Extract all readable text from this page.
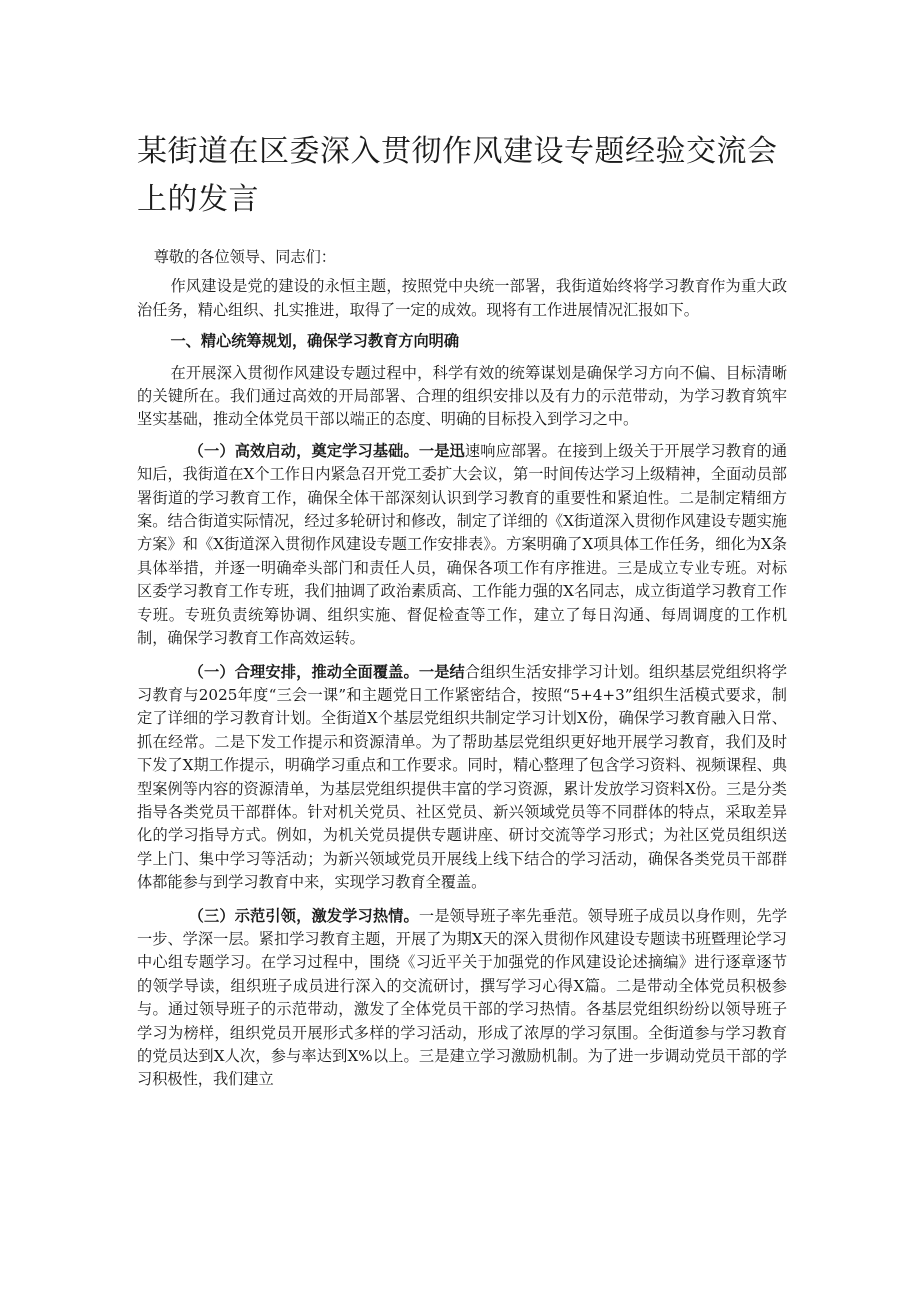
某街道在区委深入贯彻作风建设专题经验交流会上的发言

尊敬的各位领导、同志们：

作风建设是党的建设的永恒主题，按照党中央统一部署，我街道始终将学习教育作为重大政治任务，精心组织、扎实推进，取得了一定的成效。现将有工作进展情况汇报如下。

一、精心统筹规划，确保学习教育方向明确

在开展深入贯彻作风建设专题过程中，科学有效的统筹谋划是确保学习方向不偏、目标清晰的关键所在。我们通过高效的开局部署、合理的组织安排以及有力的示范带动，为学习教育筑牢坚实基础，推动全体党员干部以端正的态度、明确的目标投入到学习之中。

（一）高效启动，奠定学习基础。一是迅速响应部署。在接到上级关于开展学习教育的通知后，我街道在X个工作日内紧急召开党工委扩大会议，第一时间传达学习上级精神，全面动员部署街道的学习教育工作，确保全体干部深刻认识到学习教育的重要性和紧迫性。二是制定精细方案。结合街道实际情况，经过多轮研讨和修改，制定了详细的《X街道深入贯彻作风建设专题实施方案》和《X街道深入贯彻作风建设专题工作安排表》。方案明确了X项具体工作任务，细化为X条具体举措，并逐一明确牵头部门和责任人员，确保各项工作有序推进。三是成立专业专班。对标区委学习教育工作专班，我们抽调了政治素质高、工作能力强的X名同志，成立街道学习教育工作专班。专班负责统筹协调、组织实施、督促检查等工作，建立了每日沟通、每周调度的工作机制，确保学习教育工作高效运转。

（一）合理安排，推动全面覆盖。一是结合组织生活安排学习计划。组织基层党组织将学习教育与2025年度“三会一课”和主题党日工作紧密结合，按照“5+4+3”组织生活模式要求，制定了详细的学习教育计划。全街道X个基层党组织共制定学习计划X份，确保学习教育融入日常、抓在经常。二是下发工作提示和资源清单。为了帮助基层党组织更好地开展学习教育，我们及时下发了X期工作提示，明确学习重点和工作要求。同时，精心整理了包含学习资料、视频课程、典型案例等内容的资源清单，为基层党组织提供丰富的学习资源，累计发放学习资料X份。三是分类指导各类党员干部群体。针对机关党员、社区党员、新兴领域党员等不同群体的特点，采取差异化的学习指导方式。例如，为机关党员提供专题讲座、研讨交流等学习形式；为社区党员组织送学上门、集中学习等活动；为新兴领域党员开展线上线下结合的学习活动，确保各类党员干部群体都能参与到学习教育中来，实现学习教育全覆盖。

（三）示范引领，激发学习热情。一是领导班子率先垂范。领导班子成员以身作则，先学一步、学深一层。紧扣学习教育主题，开展了为期X天的深入贯彻作风建设专题读书班暨理论学习中心组专题学习。在学习过程中，围绕《习近平关于加强党的作风建设论述摘编》进行逐章逐节的领学导读，组织班子成员进行深入的交流研讨，撰写学习心得X篇。二是带动全体党员积极参与。通过领导班子的示范带动，激发了全体党员干部的学习热情。各基层党组织纷纷以领导班子学习为榜样，组织党员开展形式多样的学习活动，形成了浓厚的学习氛围。全街道参与学习教育的党员达到X人次，参与率达到X%以上。三是建立学习激励机制。为了进一步调动党员干部的学习积极性，我们建立
